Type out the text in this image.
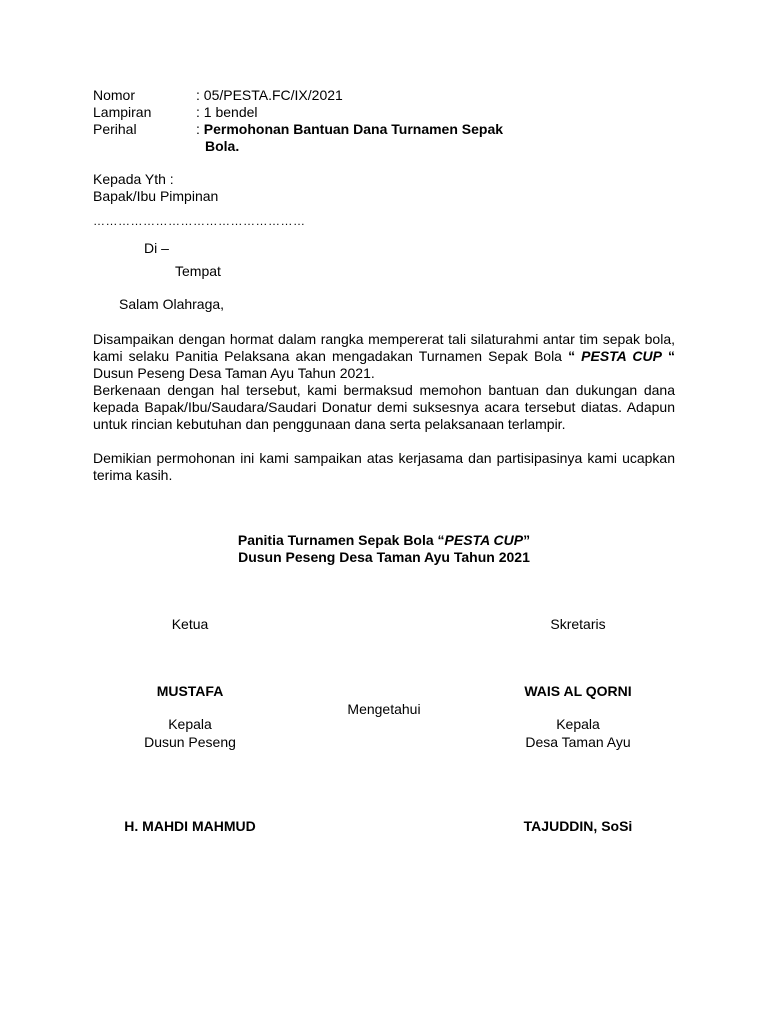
Nomor	: 05/PESTA.FC/IX/2021
Lampiran	: 1 bendel
Perihal	: Permohonan Bantuan Dana Turnamen Sepak
Bola.
Kepada Yth :
Bapak/Ibu Pimpinan
……………………………………………
Di –
Tempat
Salam Olahraga,

Disampaikan dengan hormat dalam rangka mempererat tali silaturahmi antar tim sepak bola, kami selaku Panitia Pelaksana akan mengadakan Turnamen Sepak Bola “ PESTA CUP “ Dusun Peseng Desa Taman Ayu Tahun 2021.

Berkenaan dengan hal tersebut, kami bermaksud memohon bantuan dan dukungan dana kepada Bapak/Ibu/Saudara/Saudari Donatur demi suksesnya acara tersebut diatas. Adapun untuk rincian kebutuhan dan penggunaan dana serta pelaksanaan terlampir.

Demikian permohonan ini kami sampaikan atas kerjasama dan partisipasinya kami ucapkan terima kasih.

Panitia Turnamen Sepak Bola “PESTA CUP”
Dusun Peseng Desa Taman Ayu Tahun 2021
Ketua	Skretaris
MUSTAFA	WAIS AL QORNI
Mengetahui
Kepala
Dusun Peseng
Kepala
Desa Taman Ayu
H. MAHDI MAHMUD	TAJUDDIN, SoSi
